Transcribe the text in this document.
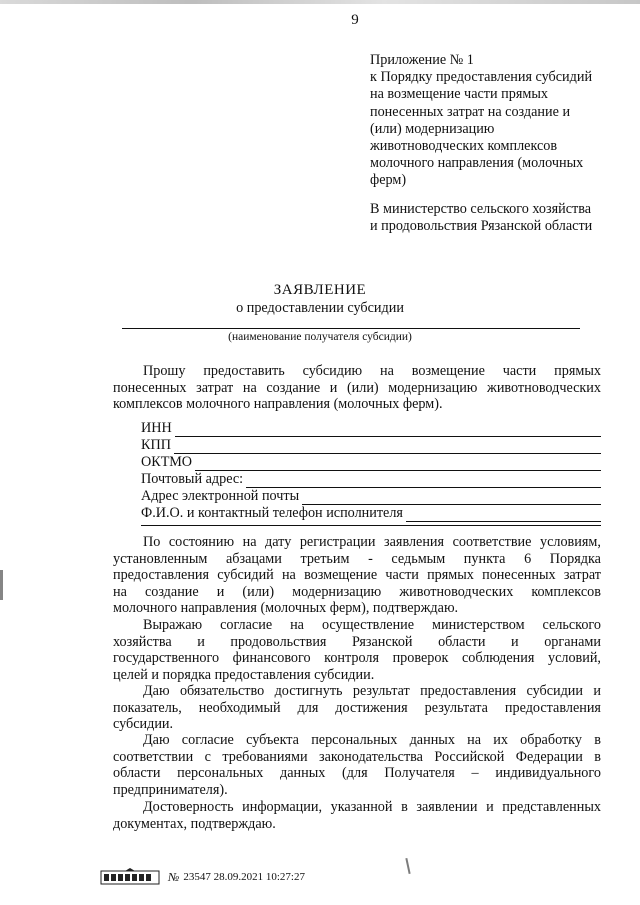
9
Приложение № 1
к Порядку предоставления субсидий
на возмещение части прямых
понесенных затрат на создание и
(или) модернизацию
животноводческих комплексов
молочного направления (молочных
ферм)
В министерство сельского хозяйства
и продовольствия Рязанской области
ЗАЯВЛЕНИЕ
о предоставлении субсидии
(наименование получателя субсидии)
Прошу предоставить субсидию на возмещение части прямых
понесенных затрат на создание и (или) модернизацию животноводческих
комплексов молочного направления (молочных ферм).
ИНН
КПП
ОКТМО
Почтовый адрес:
Адрес электронной почты
Ф.И.О. и контактный телефон исполнителя
По состоянию на дату регистрации заявления соответствие условиям,
установленным абзацами третьим - седьмым пункта 6 Порядка
предоставления субсидий на возмещение части прямых понесенных затрат
на создание и (или) модернизацию животноводческих комплексов
молочного направления (молочных ферм), подтверждаю.
Выражаю согласие на осуществление министерством сельского
хозяйства и продовольствия Рязанской области и органами
государственного финансового контроля проверок соблюдения условий,
целей и порядка предоставления субсидии.
Даю обязательство достигнуть результат предоставления субсидии и
показатель, необходимый для достижения результата предоставления
субсидии.
Даю согласие субъекта персональных данных на их обработку в
соответствии с требованиями законодательства Российской Федерации в
области персональных данных (для Получателя – индивидуального
предпринимателя).
Достоверность информации, указанной в заявлении и представленных
документах, подтверждаю.
№ 23547
28.09.2021 10:27:27
